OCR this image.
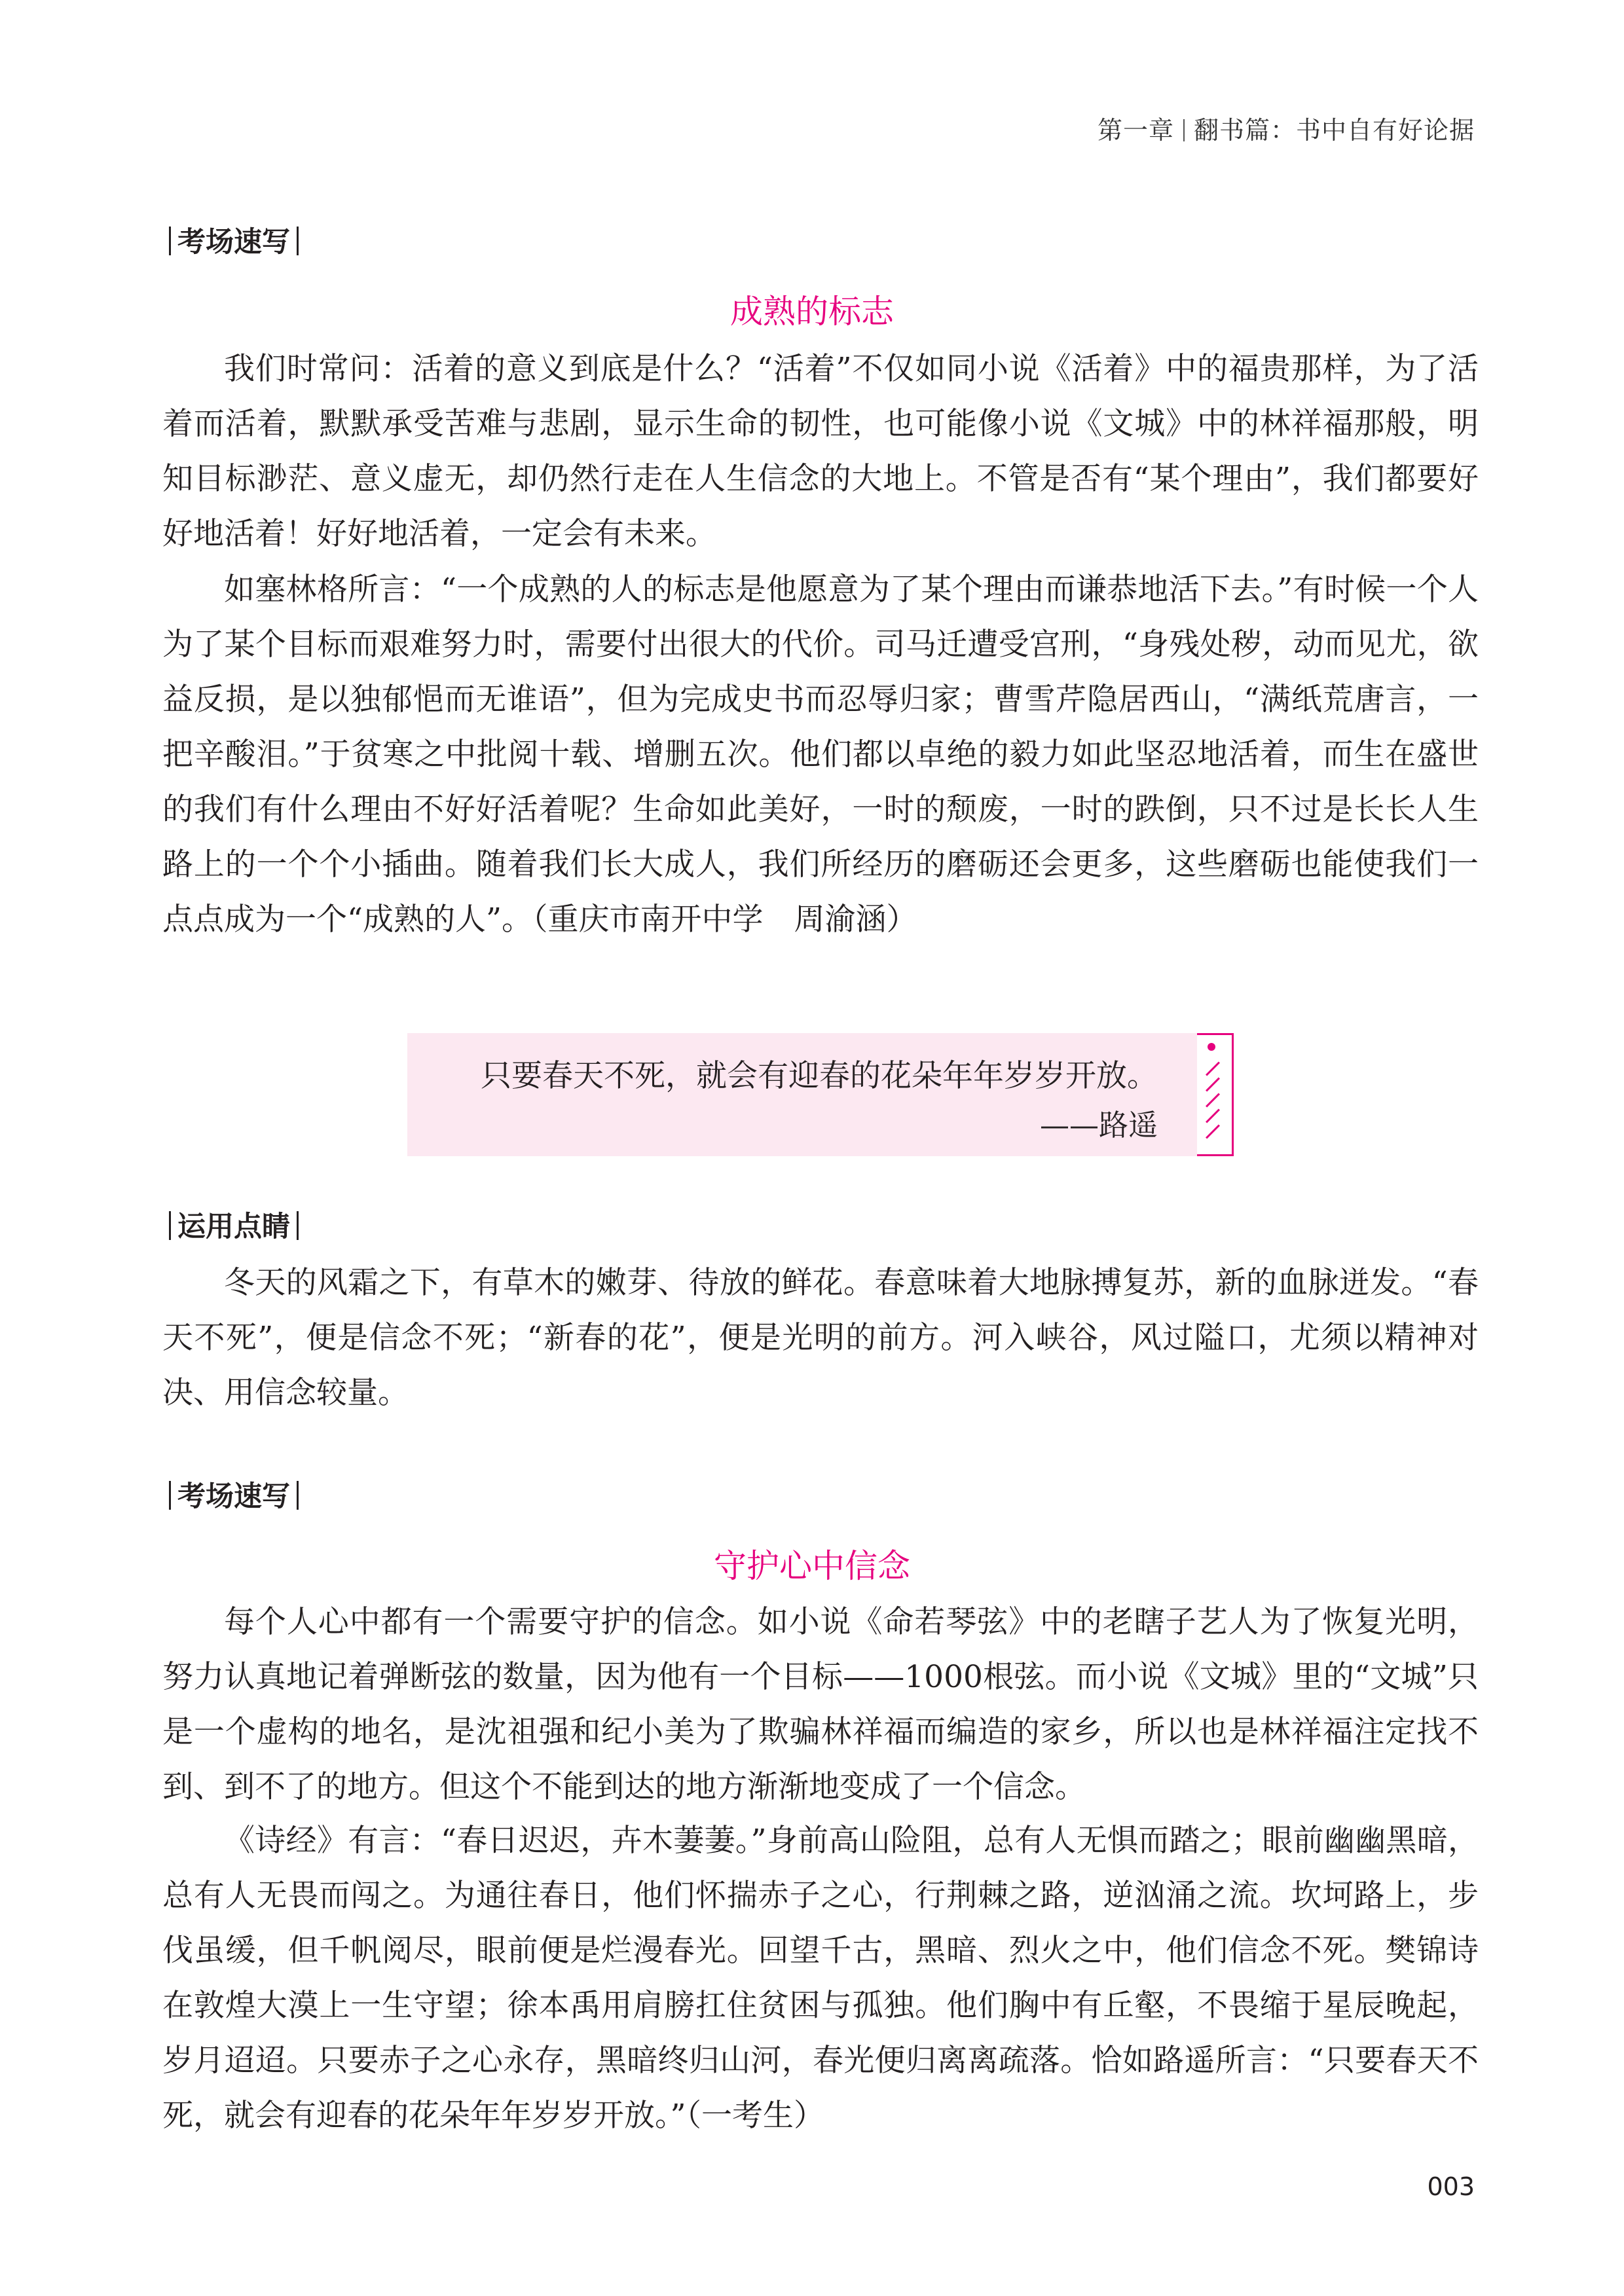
第一章 翻书篇：书中自有好论据
考场速写
成熟的标志

我们时常问：活着的意义到底是什么？“活着”不仅如同小说《活着》中的福贵那样，为了活着而活着，默默承受苦难与悲剧，显示生命的韧性，也可能像小说《文城》中的林祥福那般，明知目标渺茫、意义虚无，却仍然行走在人生信念的大地上。不管是否有“某个理由”，我们都要好好地活着！好好地活着，一定会有未来。

如塞林格所言：“一个成熟的人的标志是他愿意为了某个理由而谦恭地活下去。”有时候一个人为了某个目标而艰难努力时，需要付出很大的代价。司马迁遭受宫刑，“身残处秽，动而见尤，欲益反损，是以独郁悒而无谁语”，但为完成史书而忍辱归家；曹雪芹隐居西山，“满纸荒唐言，一把辛酸泪。”于贫寒之中批阅十载、增删五次。他们都以卓绝的毅力如此坚忍地活着，而生在盛世的我们有什么理由不好好活着呢？生命如此美好，一时的颓废，一时的跌倒，只不过是长长人生路上的一个个小插曲。随着我们长大成人，我们所经历的磨砺还会更多，这些磨砺也能使我们一点点成为一个“成熟的人”。（重庆市南开中学　周渝涵）

只要春天不死，就会有迎春的花朵年年岁岁开放。
——路遥
运用点睛

冬天的风霜之下，有草木的嫩芽、待放的鲜花。春意味着大地脉搏复苏，新的血脉迸发。“春天不死”，便是信念不死；“新春的花”，便是光明的前方。河入峡谷，风过隘口，尤须以精神对决、用信念较量。

考场速写
守护心中信念

每个人心中都有一个需要守护的信念。如小说《命若琴弦》中的老瞎子艺人为了恢复光明，努力认真地记着弹断弦的数量，因为他有一个目标——1000根弦。而小说《文城》里的“文城”只是一个虚构的地名，是沈祖强和纪小美为了欺骗林祥福而编造的家乡，所以也是林祥福注定找不到、到不了的地方。但这个不能到达的地方渐渐地变成了一个信念。

《诗经》有言：“春日迟迟，卉木萋萋。”身前高山险阻，总有人无惧而踏之；眼前幽幽黑暗，总有人无畏而闯之。为通往春日，他们怀揣赤子之心，行荆棘之路，逆汹涌之流。坎坷路上，步伐虽缓，但千帆阅尽，眼前便是烂漫春光。回望千古，黑暗、烈火之中，他们信念不死。樊锦诗在敦煌大漠上一生守望；徐本禹用肩膀扛住贫困与孤独。他们胸中有丘壑，不畏缩于星辰晚起，岁月迢迢。只要赤子之心永存，黑暗终归山河，春光便归离离疏落。恰如路遥所言：“只要春天不死，就会有迎春的花朵年年岁岁开放。”（一考生）

003
